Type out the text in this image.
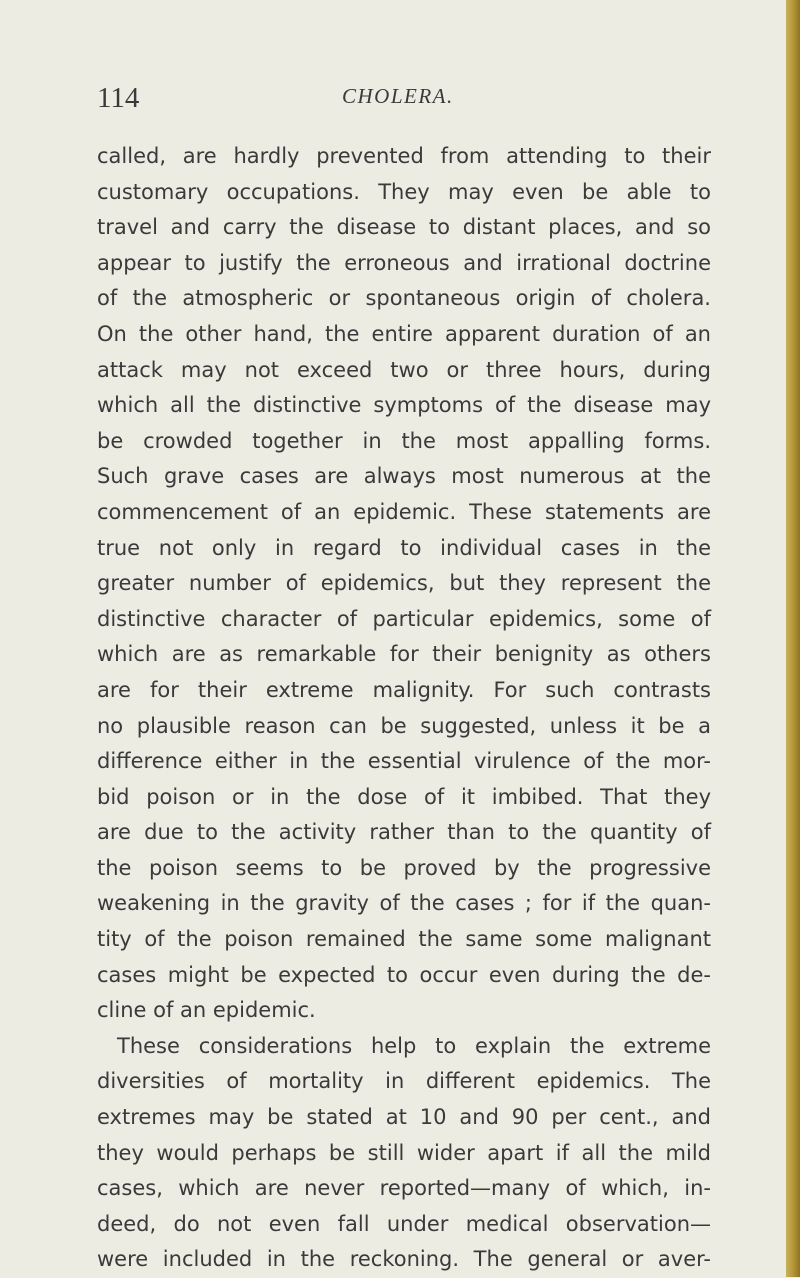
114	CHOLERA.
called, are hardly prevented from attending to their
customary occupations. They may even be able to
travel and carry the disease to distant places, and so
appear to justify the erroneous and irrational doctrine
of the atmospheric or spontaneous origin of cholera.
On the other hand, the entire apparent duration of an
attack may not exceed two or three hours, during
which all the distinctive symptoms of the disease may
be crowded together in the most appalling forms.
Such grave cases are always most numerous at the
commencement of an epidemic. These statements are
true not only in regard to individual cases in the
greater number of epidemics, but they represent the
distinctive character of particular epidemics, some of
which are as remarkable for their benignity as others
are for their extreme malignity. For such contrasts
no plausible reason can be suggested, unless it be a
difference either in the essential virulence of the mor-
bid poison or in the dose of it imbibed. That they
are due to the activity rather than to the quantity of
the poison seems to be proved by the progressive
weakening in the gravity of the cases ; for if the quan-
tity of the poison remained the same some malignant
cases might be expected to occur even during the de-
cline of an epidemic.
These considerations help to explain the extreme
diversities of mortality in different epidemics. The
extremes may be stated at 10 and 90 per cent., and
they would perhaps be still wider apart if all the mild
cases, which are never reported—many of which, in-
deed, do not even fall under medical observation—
were included in the reckoning. The general or aver-
